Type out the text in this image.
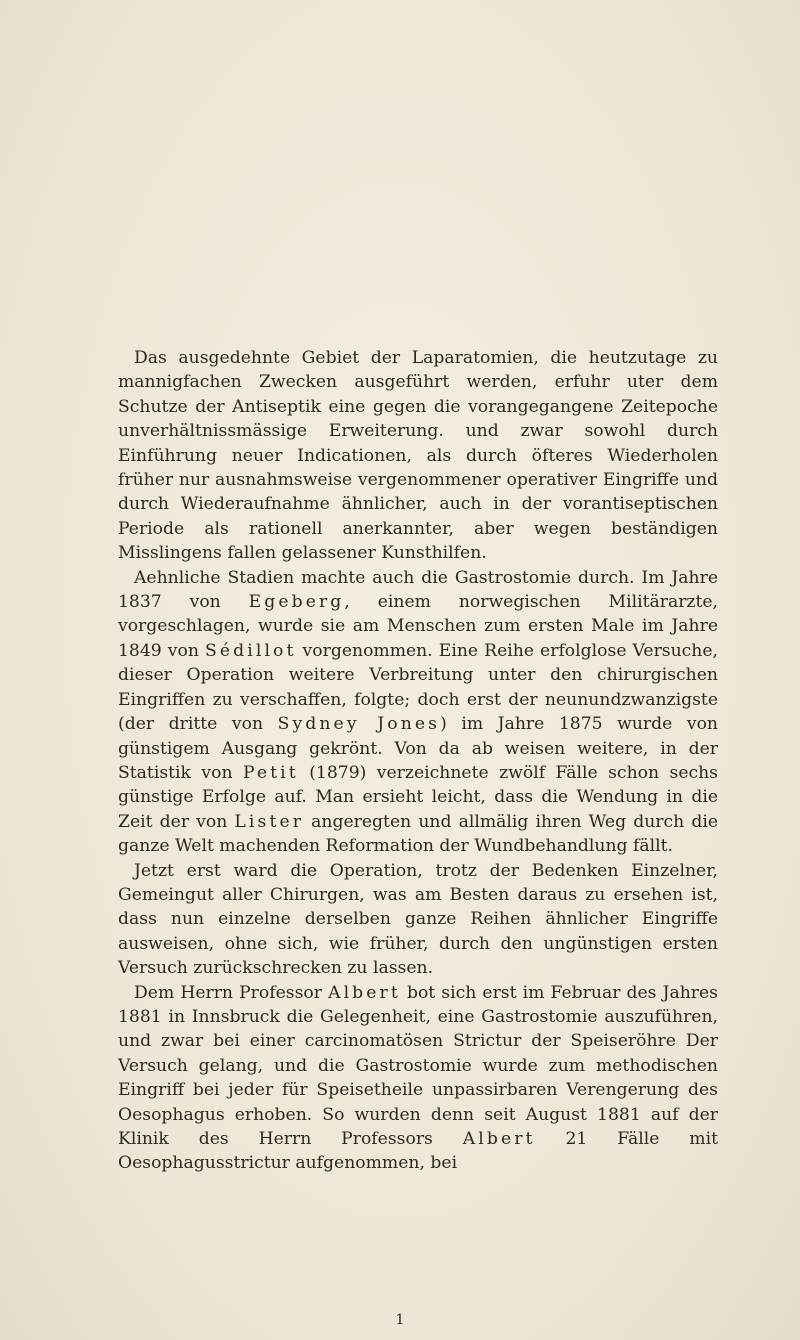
Das ausgedehnte Gebiet der Laparatomien, die heutzutage zu mannigfachen Zwecken ausgeführt werden, erfuhr uter dem Schutze der Antiseptik eine gegen die vorangegangene Zeitepoche unverhältnissmässige Erweiterung. und zwar sowohl durch Einführung neuer Indicationen, als durch öfteres Wiederholen früher nur ausnahmsweise vergenommener operativer Eingriffe und durch Wiederaufnahme ähnlicher, auch in der vorantiseptischen Periode als rationell anerkannter, aber wegen beständigen Misslingens fallen gelassener Kunsthilfen.

Aehnliche Stadien machte auch die Gastrostomie durch. Im Jahre 1837 von Egeberg, einem norwegischen Militärarzte, vorgeschlagen, wurde sie am Menschen zum ersten Male im Jahre 1849 von Sédillot vorgenommen. Eine Reihe erfolglose Versuche, dieser Operation weitere Verbreitung unter den chirurgischen Eingriffen zu verschaffen, folgte; doch erst der neunundzwanzigste (der dritte von Sydney Jones) im Jahre 1875 wurde von günstigem Ausgang gekrönt. Von da ab weisen weitere, in der Statistik von Petit (1879) verzeichnete zwölf Fälle schon sechs günstige Erfolge auf. Man ersieht leicht, dass die Wendung in die Zeit der von Lister angeregten und allmälig ihren Weg durch die ganze Welt machenden Reformation der Wundbehandlung fällt.

Jetzt erst ward die Operation, trotz der Bedenken Einzelner, Gemeingut aller Chirurgen, was am Besten daraus zu ersehen ist, dass nun einzelne derselben ganze Reihen ähnlicher Eingriffe ausweisen, ohne sich, wie früher, durch den ungünstigen ersten Versuch zurückschrecken zu lassen.

Dem Herrn Professor Albert bot sich erst im Februar des Jahres 1881 in Innsbruck die Gelegenheit, eine Gastrostomie auszuführen, und zwar bei einer carcinomatösen Strictur der Speiseröhre Der Versuch gelang, und die Gastrostomie wurde zum methodischen Eingriff bei jeder für Speisetheile unpassirbaren Verengerung des Oesophagus erhoben. So wurden denn seit August 1881 auf der Klinik des Herrn Professors Albert 21 Fälle mit Oesophagusstrictur aufgenommen, bei

1
